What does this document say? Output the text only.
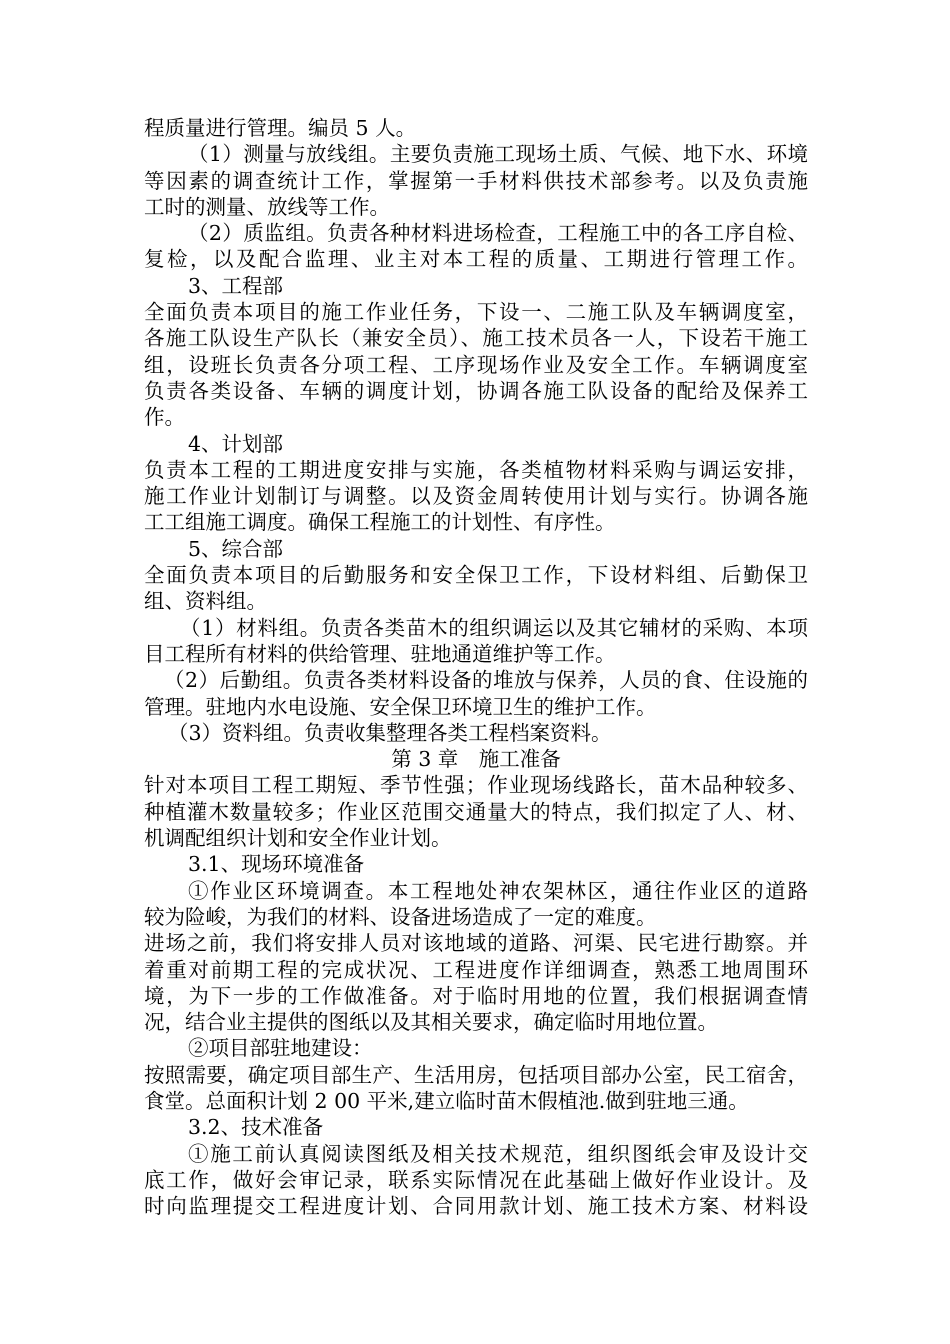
程质量进行管理。编员 5 人。
（1）测量与放线组。主要负责施工现场土质、气候、地下水、环境
等因素的调查统计工作，掌握第一手材料供技术部参考。以及负责施
工时的测量、放线等工作。
（2）质监组。负责各种材料进场检查，工程施工中的各工序自检、
复检，以及配合监理、业主对本工程的质量、工期进行管理工作。
3、工程部
全面负责本项目的施工作业任务，下设一、二施工队及车辆调度室，
各施工队设生产队长（兼安全员）、施工技术员各一人，下设若干施工
组，设班长负责各分项工程、工序现场作业及安全工作。车辆调度室
负责各类设备、车辆的调度计划，协调各施工队设备的配给及保养工
作。
4、计划部
负责本工程的工期进度安排与实施，各类植物材料采购与调运安排，
施工作业计划制订与调整。以及资金周转使用计划与实行。协调各施
工工组施工调度。确保工程施工的计划性、有序性。
5、综合部
全面负责本项目的后勤服务和安全保卫工作，下设材料组、后勤保卫
组、资料组。
（1）材料组。负责各类苗木的组织调运以及其它辅材的采购、本项
目工程所有材料的供给管理、驻地通道维护等工作。
（2）后勤组。负责各类材料设备的堆放与保养，人员的食、住设施的
管理。驻地内水电设施、安全保卫环境卫生的维护工作。
（3）资料组。负责收集整理各类工程档案资料。
第 3 章　施工准备
针对本项目工程工期短、季节性强；作业现场线路长，苗木品种较多、
种植灌木数量较多；作业区范围交通量大的特点，我们拟定了人、材、
机调配组织计划和安全作业计划。
3.1、现场环境准备
①作业区环境调查。本工程地处神农架林区，通往作业区的道路
较为险峻，为我们的材料、设备进场造成了一定的难度。
进场之前，我们将安排人员对该地域的道路、河渠、民宅进行勘察。并
着重对前期工程的完成状况、工程进度作详细调查，熟悉工地周围环
境，为下一步的工作做准备。对于临时用地的位置，我们根据调查情
况，结合业主提供的图纸以及其相关要求，确定临时用地位置。
②项目部驻地建设：
按照需要，确定项目部生产、生活用房，包括项目部办公室，民工宿舍，
食堂。总面积计划 2 00 平米,建立临时苗木假植池.做到驻地三通。
3.2、技术准备
①施工前认真阅读图纸及相关技术规范，组织图纸会审及设计交
底工作，做好会审记录，联系实际情况在此基础上做好作业设计。及
时向监理提交工程进度计划、合同用款计划、施工技术方案、材料设
